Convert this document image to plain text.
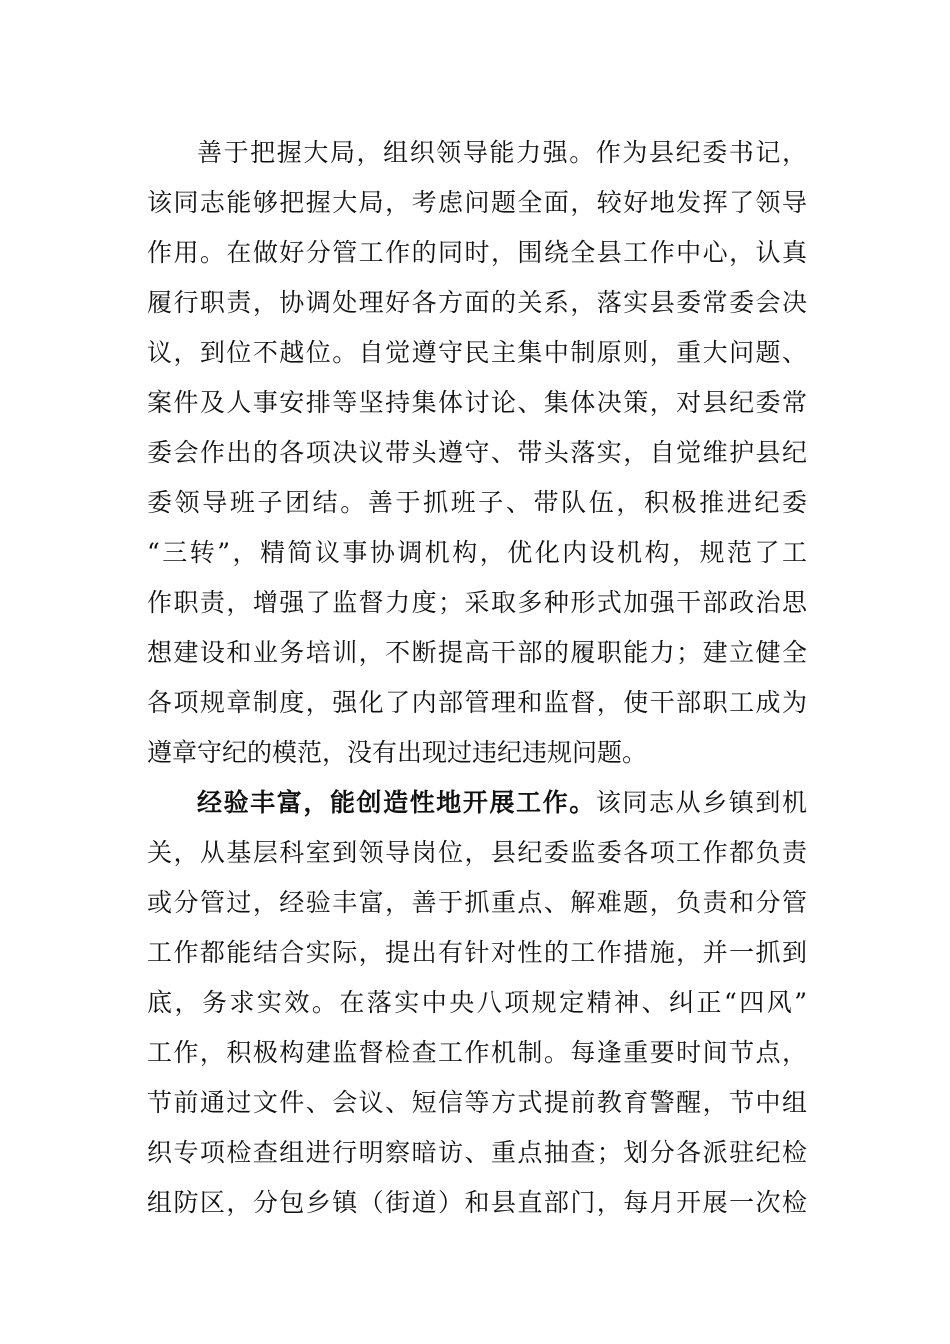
善于把握大局，组织领导能力强。作为县纪委书记，
该同志能够把握大局，考虑问题全面，较好地发挥了领导
作用。在做好分管工作的同时，围绕全县工作中心，认真
履行职责，协调处理好各方面的关系，落实县委常委会决
议，到位不越位。自觉遵守民主集中制原则，重大问题、
案件及人事安排等坚持集体讨论、集体决策，对县纪委常
委会作出的各项决议带头遵守、带头落实，自觉维护县纪
委领导班子团结。善于抓班子、带队伍，积极推进纪委
“三转”，精简议事协调机构，优化内设机构，规范了工
作职责，增强了监督力度；采取多种形式加强干部政治思
想建设和业务培训，不断提高干部的履职能力；建立健全
各项规章制度，强化了内部管理和监督，使干部职工成为
遵章守纪的模范，没有出现过违纪违规问题。
经验丰富，能创造性地开展工作。该同志从乡镇到机
关，从基层科室到领导岗位，县纪委监委各项工作都负责
或分管过，经验丰富，善于抓重点、解难题，负责和分管
工作都能结合实际，提出有针对性的工作措施，并一抓到
底，务求实效。在落实中央八项规定精神、纠正“四风”
工作，积极构建监督检查工作机制。每逢重要时间节点，
节前通过文件、会议、短信等方式提前教育警醒，节中组
织专项检查组进行明察暗访、重点抽查；划分各派驻纪检
组防区，分包乡镇（街道）和县直部门，每月开展一次检
